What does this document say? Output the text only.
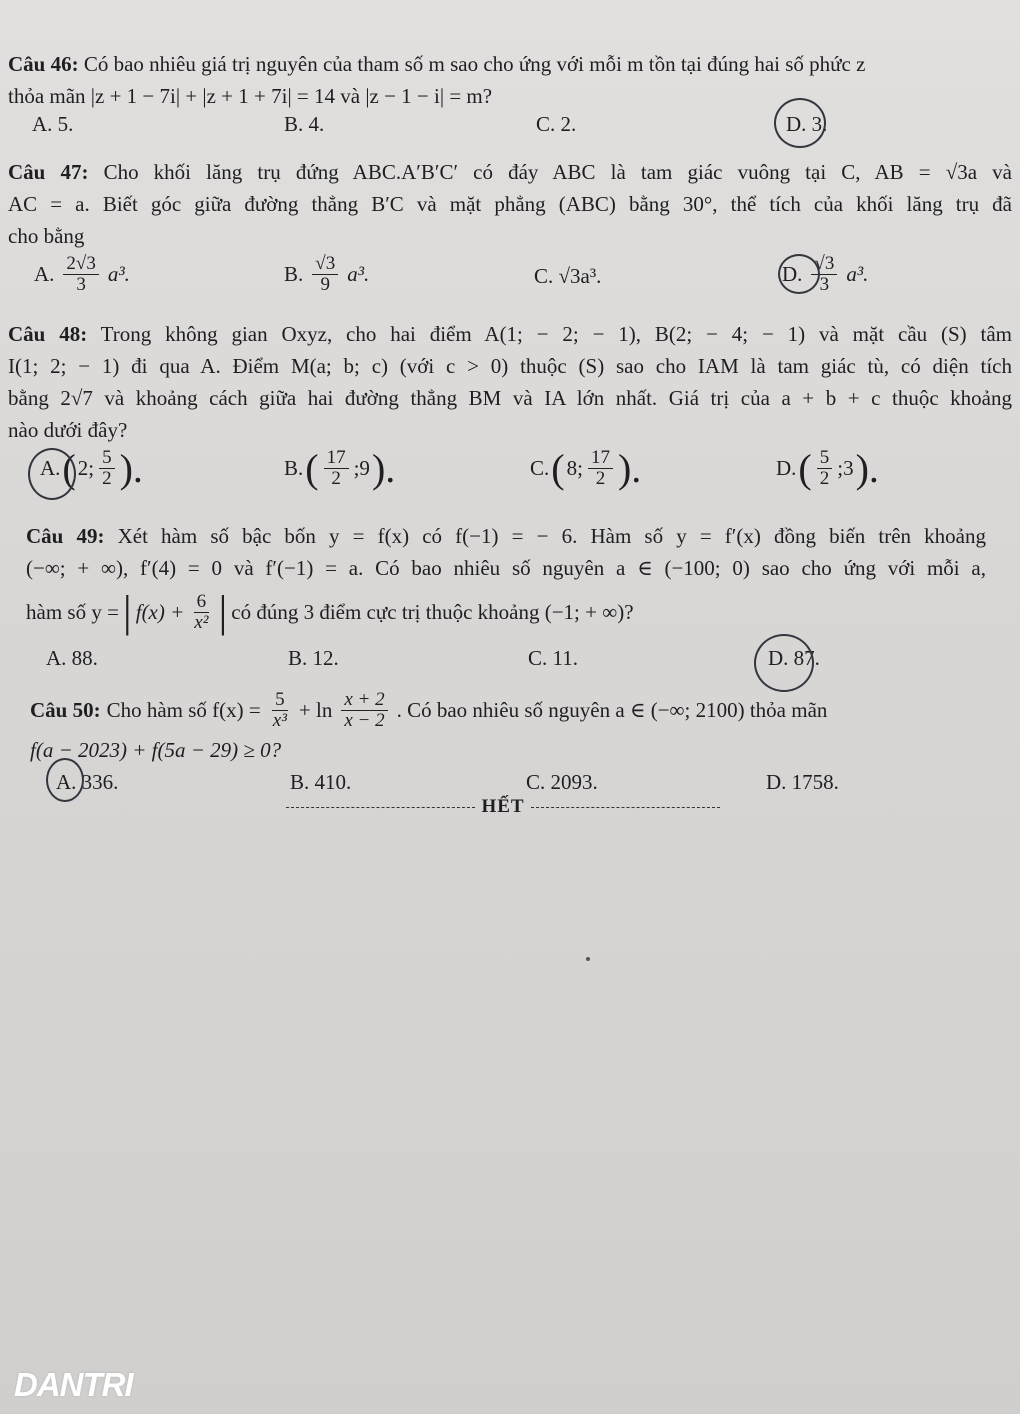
Câu 46: Có bao nhiêu giá trị nguyên của tham số m sao cho ứng với mỗi m tồn tại đúng hai số phức z
thỏa mãn |z + 1 − 7i| + |z + 1 + 7i| = 14 và |z − 1 − i| = m?
A. 5.	B. 4.	C. 2.	D. 3.
Câu 47: Cho khối lăng trụ đứng ABC.A′B′C′ có đáy ABC là tam giác vuông tại C, AB = √3a và
AC = a. Biết góc giữa đường thẳng B′C và mặt phẳng (ABC) bằng 30°, thể tích của khối lăng trụ đã
cho bằng
A. $\frac{2√3}{3} a^3$.	B. $\frac{√3}{9} a^3$.	C. √3a³.	D. $\frac{√3}{3} a^3$.
Câu 48: Trong không gian Oxyz, cho hai điểm A(1; − 2; − 1), B(2; − 4; − 1) và mặt cầu (S) tâm
I(1; 2; − 1) đi qua A. Điểm M(a; b; c) (với c > 0) thuộc (S) sao cho IAM là tam giác tù, có diện tích
bằng 2√7 và khoảng cách giữa hai đường thẳng BM và IA lớn nhất. Giá trị của a + b + c thuộc khoảng
nào dưới đây?
A. ( 2; $\frac{5}{2}$ ).	B. ( $\frac{17}{2}$ ;9 ).	C. ( 8; $\frac{17}{2}$ ).	D. ( $\frac{5}{2}$ ;3 ).
Câu 49: Xét hàm số bậc bốn y = f(x) có f(−1) = − 6. Hàm số y = f′(x) đồng biến trên khoảng
(−∞; + ∞), f′(4) = 0 và f′(−1) = a. Có bao nhiêu số nguyên a ∈ (−100; 0) sao cho ứng với mỗi a,
hàm số y = | $f(x) + \frac{6}{\text{x²}}$ | có đúng 3 điểm cực trị thuộc khoảng (−1; + ∞)?
A. 88.	B. 12.	C. 11.	D. 87.
Câu 50: Cho hàm số $f(x) = \frac{5}{\text{x³}} + \ln \frac{x + 2}{x - 2}$ . Có bao nhiêu số nguyên a ∈ (−∞; 2100) thỏa mãn
f(a − 2023) + f(5a − 29) ≥ 0?
A. 336.	B. 410.	C. 2093.	D. 1758.
HẾT
DANTRI
